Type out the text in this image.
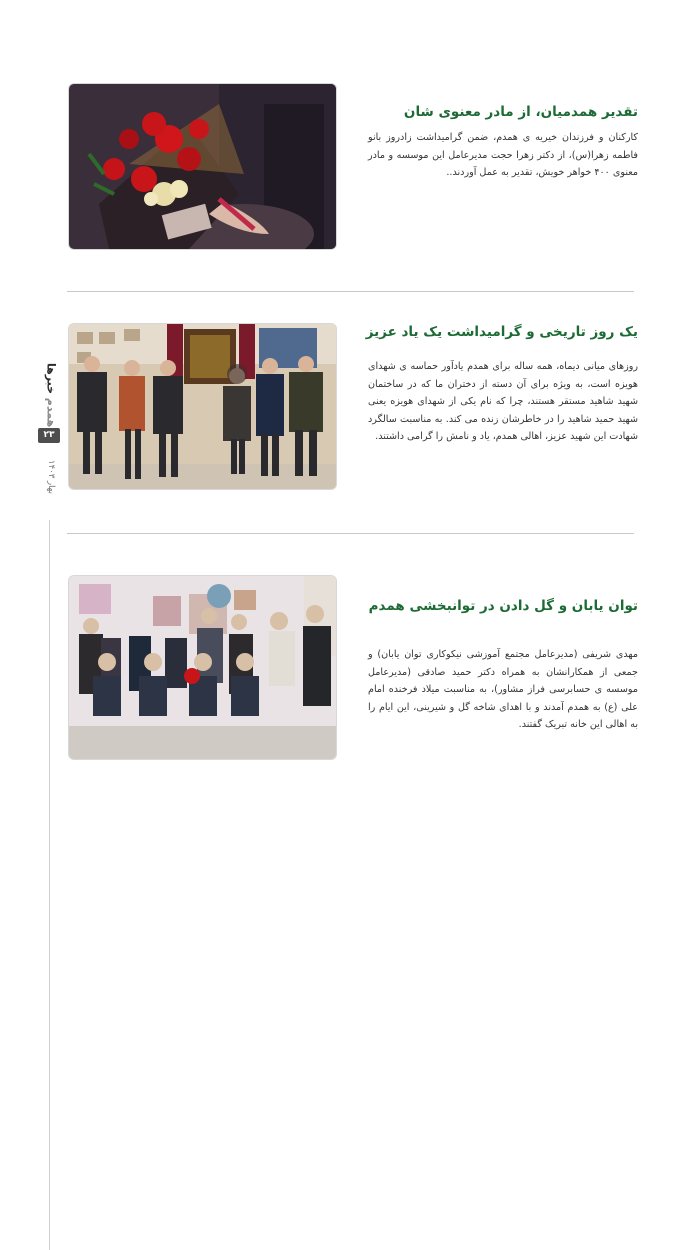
تقدیر همدمیان، از مادر معنوی شان

کارکنان و فرزندان خیریه ی همدم، ضمن گرامیداشت زادروز بانو فاطمه زهرا(س)، از دکتر زهرا حجت مدیرعامل این موسسه و مادر معنوی ۴۰۰ خواهر خویش، تقدیر به عمل آوردند..

یک روز تاریخی و گرامیداشت یک یاد عزیز

روزهای میانی دیماه، همه ساله برای همدم یادآور حماسه ی شهدای هویزه است، به ویژه برای آن دسته از دختران ما که در ساختمان شهید شاهید مستقر هستند، چرا که نام یکی از شهدای هویزه یعنی شهید حمید شاهید را در خاطرشان زنده می کند. به مناسبت سالگرد شهادت این شهید عزیز، اهالی همدم، یاد و نامش را گرامی داشتند.

توان یابان و گل دادن در توانبخشی همدم

مهدی شریفی (مدیرعامل مجتمع آموزشی نیکوکاری توان یابان) و جمعی از همکارانشان به همراه دکتر حمید صادقی (مدیرعامل موسسه ی حسابرسی فراز مشاور)، به مناسبت میلاد فرخنده امام علی (ع) به همدم آمدند و با اهدای شاخه گل و شیرینی، این ایام را به اهالی این خانه تبریک گفتند.

خبرها
همدم
۲۳
بهار ۱۴۰۳
